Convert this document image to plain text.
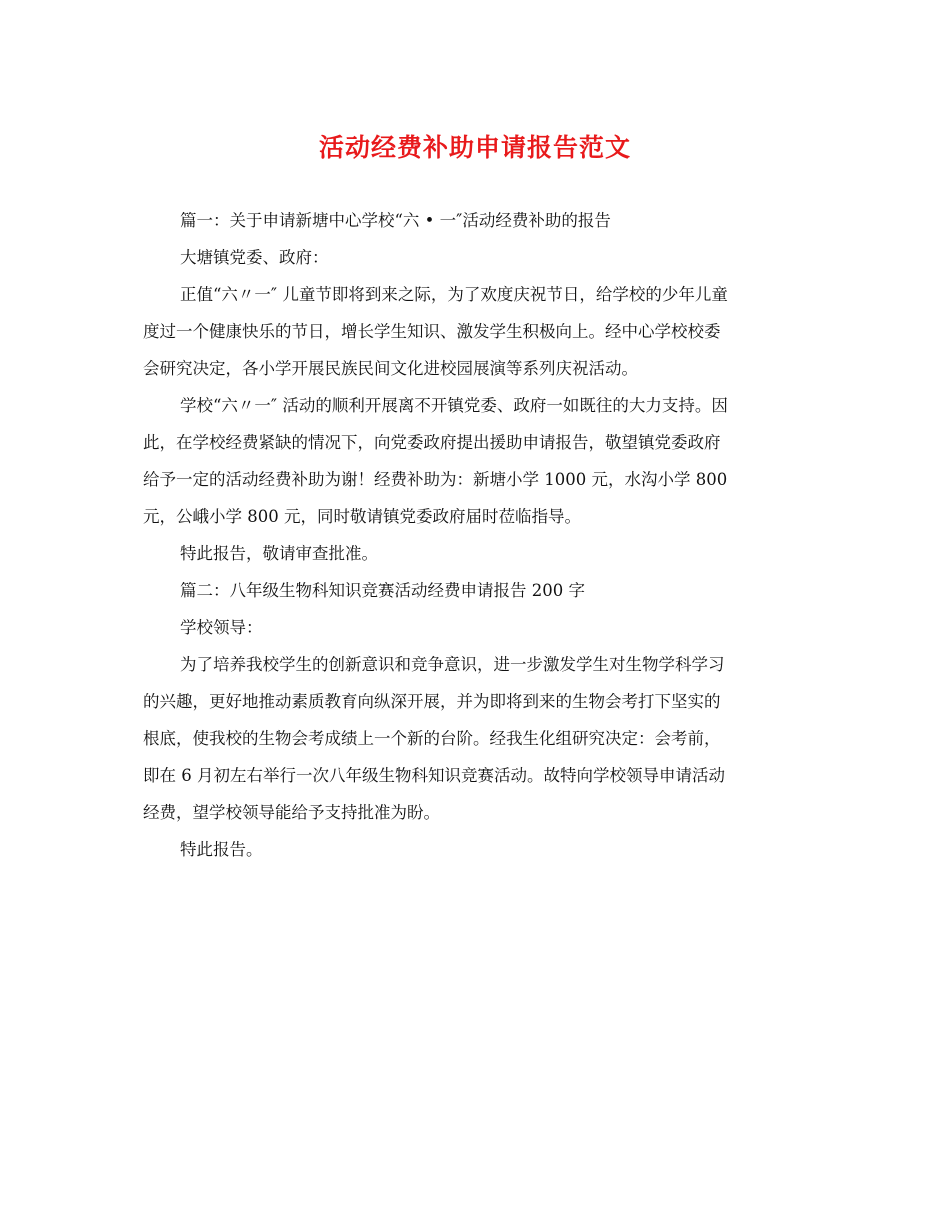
活动经费补助申请报告范文

篇一：关于申请新塘中心学校“六 • 一″活动经费补助的报告

大塘镇党委、政府：

正值“六〃一″ 儿童节即将到来之际，为了欢度庆祝节日，给学校的少年儿童

度过一个健康快乐的节日，增长学生知识、激发学生积极向上。经中心学校校委

会研究决定，各小学开展民族民间文化进校园展演等系列庆祝活动。

学校“六〃一″ 活动的顺利开展离不开镇党委、政府一如既往的大力支持。因

此，在学校经费紧缺的情况下，向党委政府提出援助申请报告，敬望镇党委政府

给予一定的活动经费补助为谢！经费补助为：新塘小学 1000 元，水沟小学 800

元，公峨小学 800 元，同时敬请镇党委政府届时莅临指导。

特此报告，敬请审查批准。

篇二：八年级生物科知识竞赛活动经费申请报告 200 字

学校领导：

为了培养我校学生的创新意识和竞争意识，进一步激发学生对生物学科学习

的兴趣，更好地推动素质教育向纵深开展，并为即将到来的生物会考打下坚实的

根底，使我校的生物会考成绩上一个新的台阶。经我生化组研究决定：会考前，

即在 6 月初左右举行一次八年级生物科知识竞赛活动。故特向学校领导申请活动

经费，望学校领导能给予支持批准为盼。

特此报告。
